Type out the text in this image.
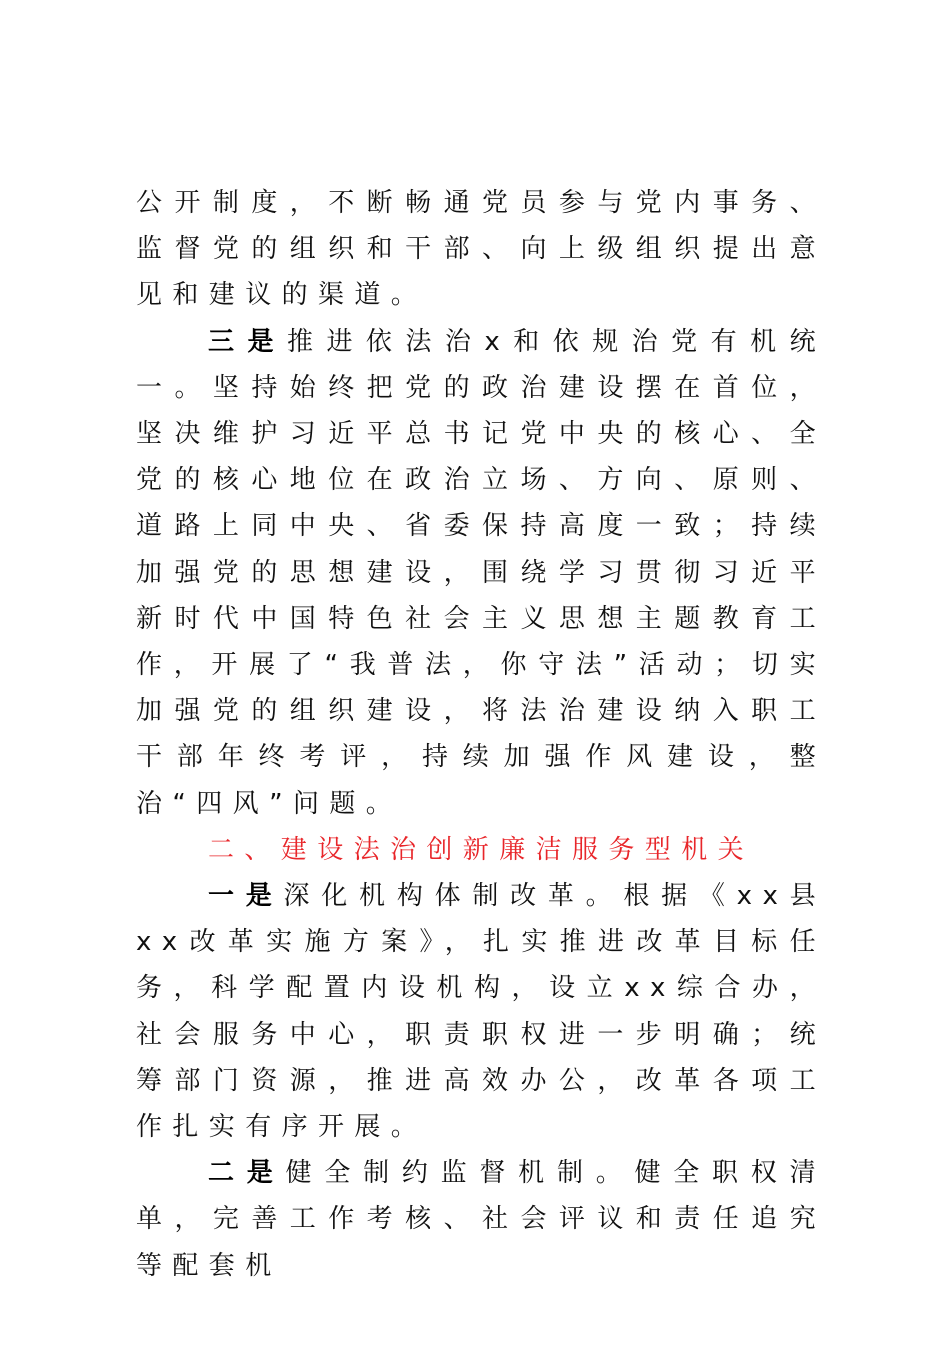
公开制度，不断畅通党员参与党内事务、监督党的组织和干部、向上级组织提出意见和建议的渠道。

三是推进依法治x和依规治党有机统一。坚持始终把党的政治建设摆在首位，坚决维护习近平总书记党中央的核心、全党的核心地位在政治立场、方向、原则、道路上同中央、省委保持高度一致；持续加强党的思想建设，围绕学习贯彻习近平新时代中国特色社会主义思想主题教育工作，开展了“我普法，你守法”活动；切实加强党的组织建设，将法治建设纳入职工干部年终考评，持续加强作风建设，整治“四风”问题。

二、建设法治创新廉洁服务型机关

一是深化机构体制改革。根据《xx县xx改革实施方案》，扎实推进改革目标任务，科学配置内设机构，设立xx综合办，社会服务中心，职责职权进一步明确；统筹部门资源，推进高效办公，改革各项工作扎实有序开展。

二是健全制约监督机制。健全职权清单，完善工作考核、社会评议和责任追究等配套机
